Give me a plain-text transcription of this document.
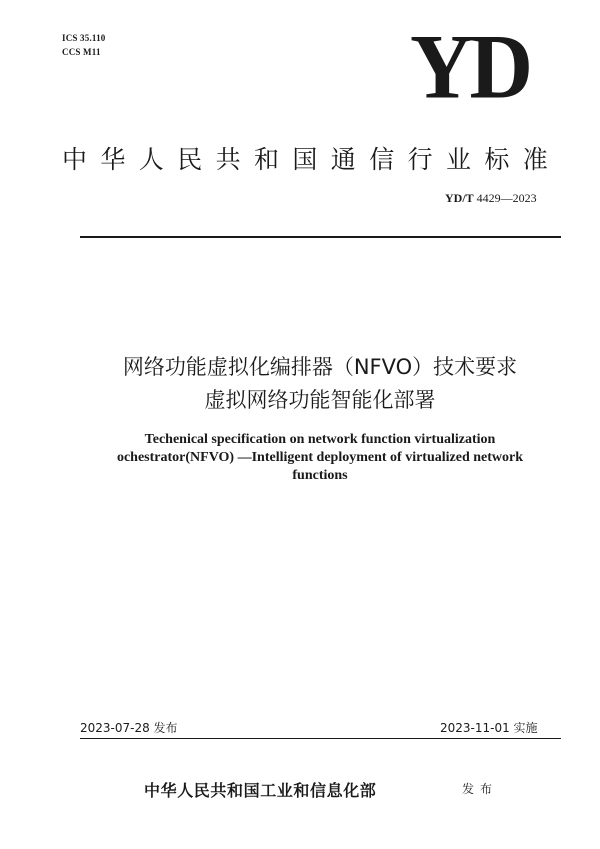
ICS 35.110
CCS M11	YD
中华人民共和国通信行业标准
YD/T 4429—2023
网络功能虚拟化编排器（NFVO）技术要求
虚拟网络功能智能化部署
Techenical specification on network function virtualization
ochestrator(NFVO) —Intelligent deployment of virtualized network
functions
2023-07-28 发布	2023-11-01 实施
中华人民共和国工业和信息化部	发布
